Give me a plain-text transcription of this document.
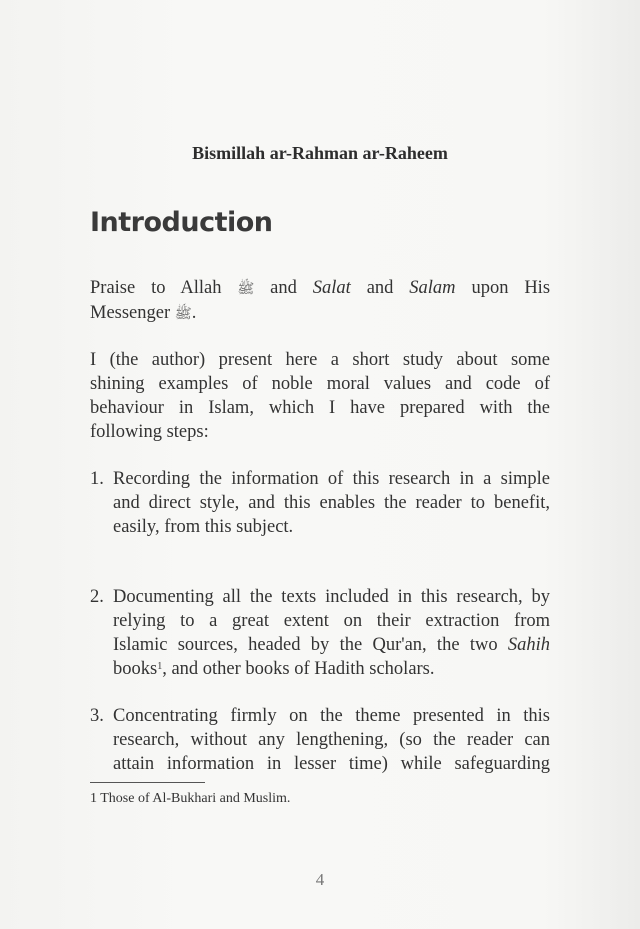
Bismillah ar-Rahman ar-Raheem
Introduction
Praise to Allah ﷺ and Salat and Salam upon His
Messenger ﷺ.
I (the author) present here a short study about some
shining examples of noble moral values and code of
behaviour in Islam, which I have prepared with the
following steps:
1. Recording the information of this research in a simple
and direct style, and this enables the reader to benefit,
easily, from this subject.
2. Documenting all the texts included in this research, by
relying to a great extent on their extraction from
Islamic sources, headed by the Qur'an, the two Sahih
books$^1$, and other books of Hadith scholars.
3. Concentrating firmly on the theme presented in this
research, without any lengthening, (so the reader can
attain information in lesser time) while safeguarding
1 Those of Al-Bukhari and Muslim.
4
